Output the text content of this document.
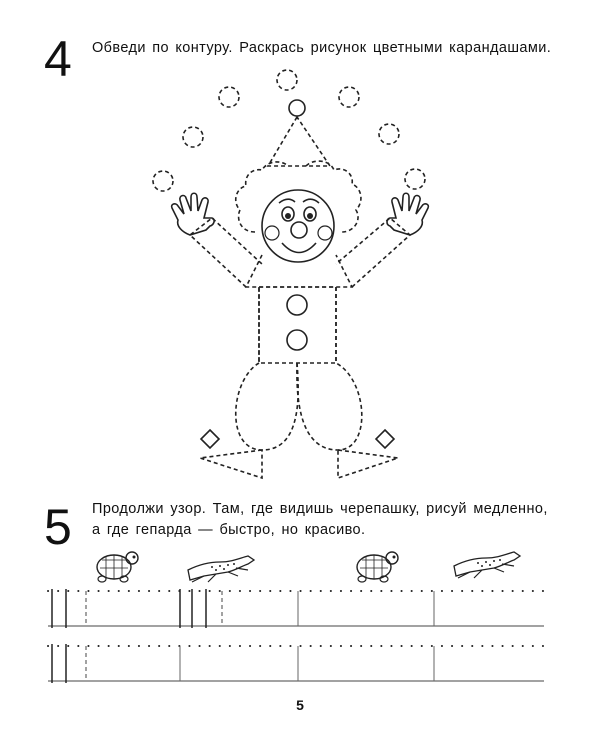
4 Обведи по контуру. Раскрась рисунок цветными карандашами.
5 Продолжи узор. Там, где видишь черепашку, рисуй медленно,
а где гепарда — быстро, но красиво.
5
